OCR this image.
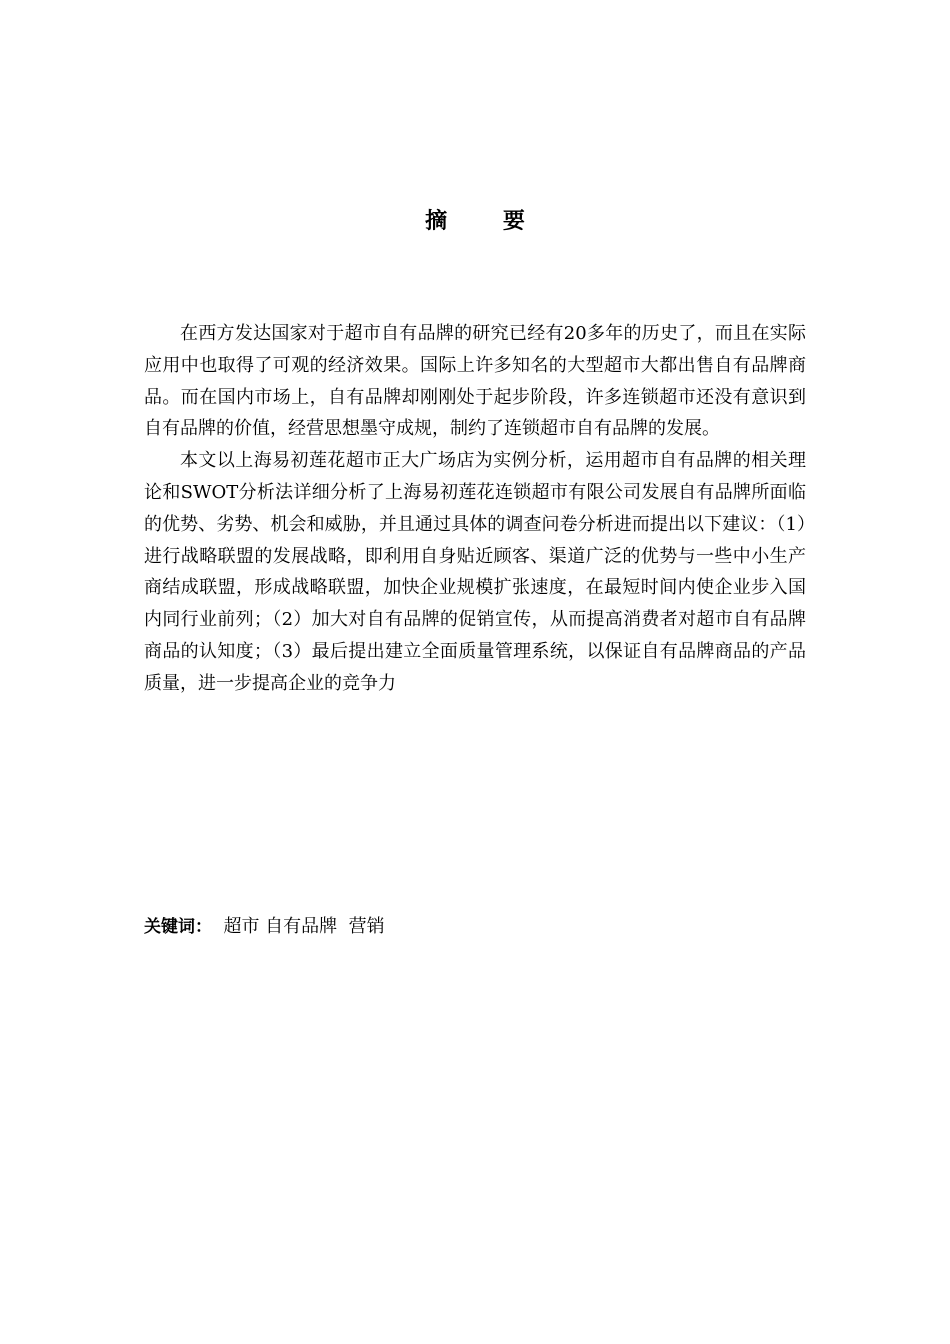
摘 要

在西方发达国家对于超市自有品牌的研究已经有20多年的历史了，而且在实际应用中也取得了可观的经济效果。国际上许多知名的大型超市大都出售自有品牌商品。而在国内市场上，自有品牌却刚刚处于起步阶段，许多连锁超市还没有意识到自有品牌的价值，经营思想墨守成规，制约了连锁超市自有品牌的发展。

本文以上海易初莲花超市正大广场店为实例分析，运用超市自有品牌的相关理论和SWOT分析法详细分析了上海易初莲花连锁超市有限公司发展自有品牌所面临的优势、劣势、机会和威胁，并且通过具体的调查问卷分析进而提出以下建议：（1）进行战略联盟的发展战略，即利用自身贴近顾客、渠道广泛的优势与一些中小生产商结成联盟，形成战略联盟，加快企业规模扩张速度，在最短时间内使企业步入国内同行业前列；（2）加大对自有品牌的促销宣传，从而提高消费者对超市自有品牌商品的认知度；（3）最后提出建立全面质量管理系统，以保证自有品牌商品的产品质量，进一步提高企业的竞争力

关键词：  超市 自有品牌  营销
